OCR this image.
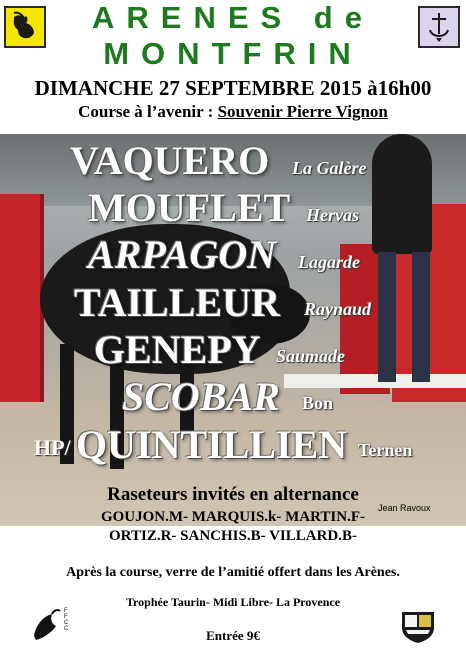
ARENES de
MONTFRIN
DIMANCHE 27 SEPTEMBRE 2015 à16h00
Course à l’avenir : Souvenir Pierre Vignon
VAQUERO La Galère
MOUFLET Hervas
ARPAGON Lagarde
TAILLEUR Raynaud
GENEPY Saumade
SCOBAR Bon
HP/ QUINTILLIEN Ternen
Raseteurs invités en alternance
Jean Ravoux
GOUJON.M- MARQUIS.k- MARTIN.F-
ORTIZ.R- SANCHIS.B- VILLARD.B-
Après la course, verre de l’amitié offert dans les Arènes.
Trophée Taurin- Midi Libre- La Provence
Entrée 9€
FFCC
